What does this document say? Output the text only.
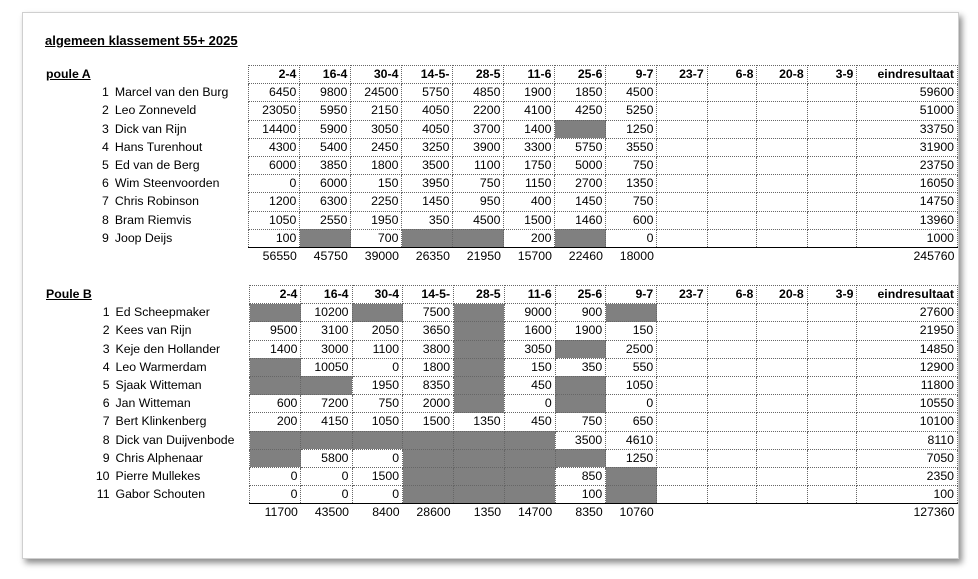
algemeen klassement 55+ 2025
poule A			2-4	16-4	30-4	14-5-	28-5	11-6	25-6	9-7	23-7	6-8	20-8	3-9	eindresultaat
	1	Marcel van den Burg	6450	9800	24500	5750	4850	1900	1850	4500					59600
	2	Leo Zonneveld	23050	5950	2150	4050	2200	4100	4250	5250					51000
	3	Dick van Rijn	14400	5900	3050	4050	3700	1400		1250					33750
	4	Hans Turenhout	4300	5400	2450	3250	3900	3300	5750	3550					31900
	5	Ed van de Berg	6000	3850	1800	3500	1100	1750	5000	750					23750
	6	Wim Steenvoorden	0	6000	150	3950	750	1150	2700	1350					16050
	7	Chris Robinson	1200	6300	2250	1450	950	400	1450	750					14750
	8	Bram Riemvis	1050	2550	1950	350	4500	1500	1460	600					13960
	9	Joop Deijs	100		700			200		0					1000
			56550	45750	39000	26350	21950	15700	22460	18000					245760
Poule B			2-4	16-4	30-4	14-5-	28-5	11-6	25-6	9-7	23-7	6-8	20-8	3-9	eindresultaat
	1	Ed Scheepmaker		10200		7500		9000	900						27600
	2	Kees van Rijn	9500	3100	2050	3650		1600	1900	150					21950
	3	Keje den Hollander	1400	3000	1100	3800		3050		2500					14850
	4	Leo Warmerdam		10050	0	1800		150	350	550					12900
	5	Sjaak Witteman			1950	8350		450		1050					11800
	6	Jan Witteman	600	7200	750	2000		0		0					10550
	7	Bert Klinkenberg	200	4150	1050	1500	1350	450	750	650					10100
	8	Dick van Duijvenbode							3500	4610					8110
	9	Chris Alphenaar		5800	0					1250					7050
	10	Pierre Mullekes	0	0	1500				850						2350
	11	Gabor Schouten	0	0	0				100						100
			11700	43500	8400	28600	1350	14700	8350	10760					127360
